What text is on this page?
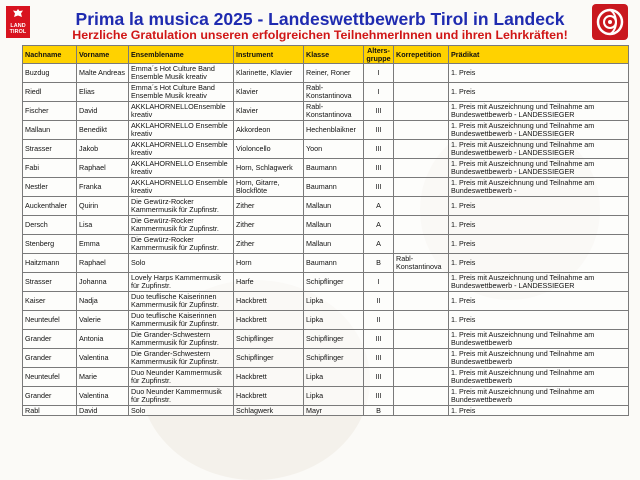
LAND
TIROL
Prima la musica 2025 - Landeswettbewerb Tirol in Landeck
Herzliche Gratulation unseren erfolgreichen TeilnehmerInnen und ihren Lehrkräften!
Nachname	Vorname	Ensemblename	Instrument	Klasse	Alters-gruppe	Korrepetition	Prädikat
Buzdug	Malte Andreas	Emma´s Hot Culture Band Ensemble Musik kreativ	Klarinette, Klavier	Reiner, Roner	I		1. Preis
Riedl	Elias	Emma´s Hot Culture Band Ensemble Musik kreativ	Klavier	Rabl-Konstantinova	I		1. Preis
Fischer	David	AKKLAHORNELLOEnsemble kreativ	Klavier	Rabl-Konstantinova	III		1. Preis mit Auszeichnung und Teilnahme am Bundeswettbewerb - LANDESSIEGER
Mallaun	Benedikt	AKKLAHORNELLO Ensemble kreativ	Akkordeon	Hechenblaikner	III		1. Preis mit Auszeichnung und Teilnahme am Bundeswettbewerb - LANDESSIEGER
Strasser	Jakob	AKKLAHORNELLO Ensemble kreativ	Violoncello	Yoon	III		1. Preis mit Auszeichnung und Teilnahme am Bundeswettbewerb - LANDESSIEGER
Fabi	Raphael	AKKLAHORNELLO Ensemble kreativ	Horn, Schlagwerk	Baumann	III		1. Preis mit Auszeichnung und Teilnahme am Bundeswettbewerb - LANDESSIEGER
Nestler	Franka	AKKLAHORNELLO Ensemble kreativ	Horn, Gitarre, Blockflöte	Baumann	III		1. Preis mit Auszeichnung und Teilnahme am Bundeswettbewerb -
Auckenthaler	Quirin	Die Gewürz-Rocker Kammermusik für Zupfinstr.	Zither	Mallaun	A		1. Preis
Dersch	Lisa	Die Gewürz-Rocker Kammermusik für Zupfinstr.	Zither	Mallaun	A		1. Preis
Stenberg	Emma	Die Gewürz-Rocker Kammermusik für Zupfinstr.	Zither	Mallaun	A		1. Preis
Haitzmann	Raphael	Solo	Horn	Baumann	B	Rabl-Konstantinova	1. Preis
Strasser	Johanna	Lovely Harps Kammermusik für Zupfinstr.	Harfe	Schipflinger	I		1. Preis mit Auszeichnung und Teilnahme am Bundeswettbewerb - LANDESSIEGER
Kaiser	Nadja	Duo teuflische Kaiserinnen Kammermusik für Zupfinstr.	Hackbrett	Lipka	II		1. Preis
Neunteufel	Valerie	Duo teuflische Kaiserinnen Kammermusik für Zupfinstr.	Hackbrett	Lipka	II		1. Preis
Grander	Antonia	Die Grander-Schwestern Kammermusik für Zupfinstr.	Schipflinger	Schipflinger	III		1. Preis mit Auszeichnung und Teilnahme am Bundeswettbewerb
Grander	Valentina	Die Grander-Schwestern Kammermusik für Zupfinstr.	Schipflinger	Schipflinger	III		1. Preis mit Auszeichnung und Teilnahme am Bundeswettbewerb
Neunteufel	Marie	Duo Neunder Kammermusik für Zupfinstr.	Hackbrett	Lipka	III		1. Preis mit Auszeichnung und Teilnahme am Bundeswettbewerb
Grander	Valentina	Duo Neunder Kammermusik für Zupfinstr.	Hackbrett	Lipka	III		1. Preis mit Auszeichnung und Teilnahme am Bundeswettbewerb
Rabl	David	Solo	Schlagwerk	Mayr	B		1. Preis
